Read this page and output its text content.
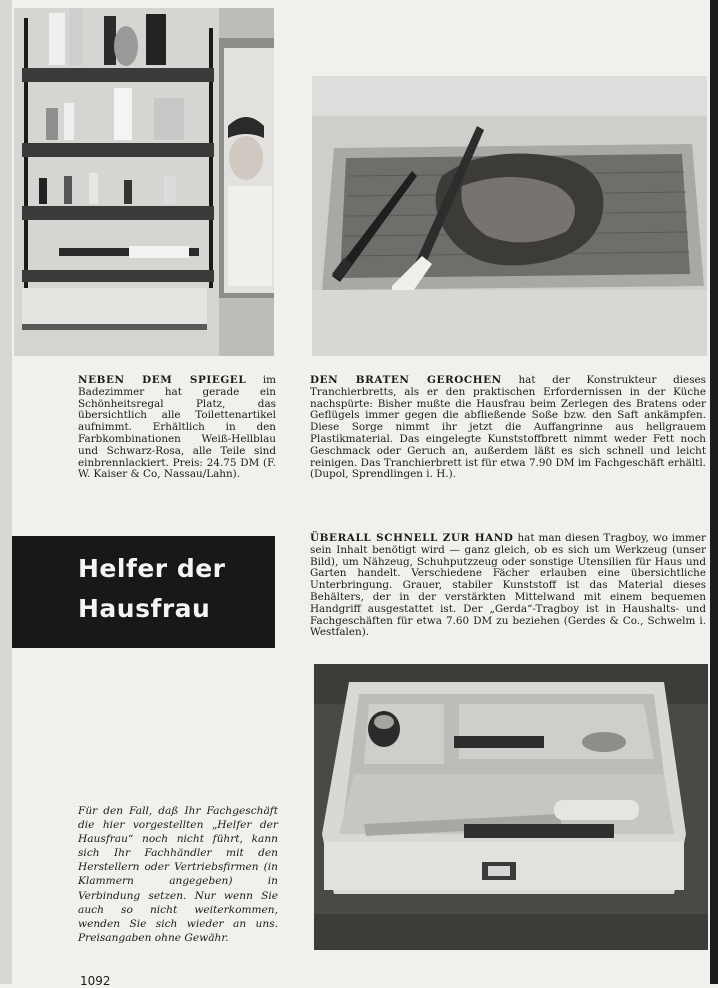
NEBEN DEM SPIEGEL im Badezimmer hat gerade ein Schönheitsregal Platz, das übersichtlich alle Toilettenartikel aufnimmt. Erhältlich in den Farbkombinationen Weiß-Hellblau und Schwarz-Rosa, alle Teile sind einbrennlackiert. Preis: 24.75 DM (F. W. Kaiser & Co, Nassau/Lahn).

DEN BRATEN GEROCHEN hat der Konstrukteur dieses Tranchierbretts, als er den praktischen Erfordernissen in der Küche nachspürte: Bisher mußte die Hausfrau beim Zerlegen des Bratens oder Geflügels immer gegen die abfließende Soße bzw. den Saft ankämpfen. Diese Sorge nimmt ihr jetzt die Auffangrinne aus hellgrauem Plastikmaterial. Das eingelegte Kunststoffbrett nimmt weder Fett noch Geschmack oder Geruch an, außerdem läßt es sich schnell und leicht reinigen. Das Tranchierbrett ist für etwa 7.90 DM im Fachgeschäft erhältl. (Dupol, Sprendlingen i. H.).

Helfer der
Hausfrau

ÜBERALL SCHNELL ZUR HAND hat man diesen Tragboy, wo immer sein Inhalt benötigt wird — ganz gleich, ob es sich um Werkzeug (unser Bild), um Nähzeug, Schuhputzzeug oder sonstige Utensilien für Haus und Garten handelt. Verschiedene Fächer erlauben eine übersichtliche Unterbringung. Grauer, stabiler Kunststoff ist das Material dieses Behälters, der in der verstärkten Mittelwand mit einem bequemen Handgriff ausgestattet ist. Der „Gerda“-Tragboy ist in Haushalts- und Fachgeschäften für etwa 7.60 DM zu beziehen (Gerdes & Co., Schwelm i. Westfalen).

Für den Fall, daß Ihr Fachgeschäft die hier vorgestellten „Helfer der Hausfrau“ noch nicht führt, kann sich Ihr Fachhändler mit den Herstellern oder Vertriebsfirmen (in Klammern angegeben) in Verbindung setzen. Nur wenn Sie auch so nicht weiterkommen, wenden Sie sich wieder an uns. Preisangaben ohne Gewähr.

1092
